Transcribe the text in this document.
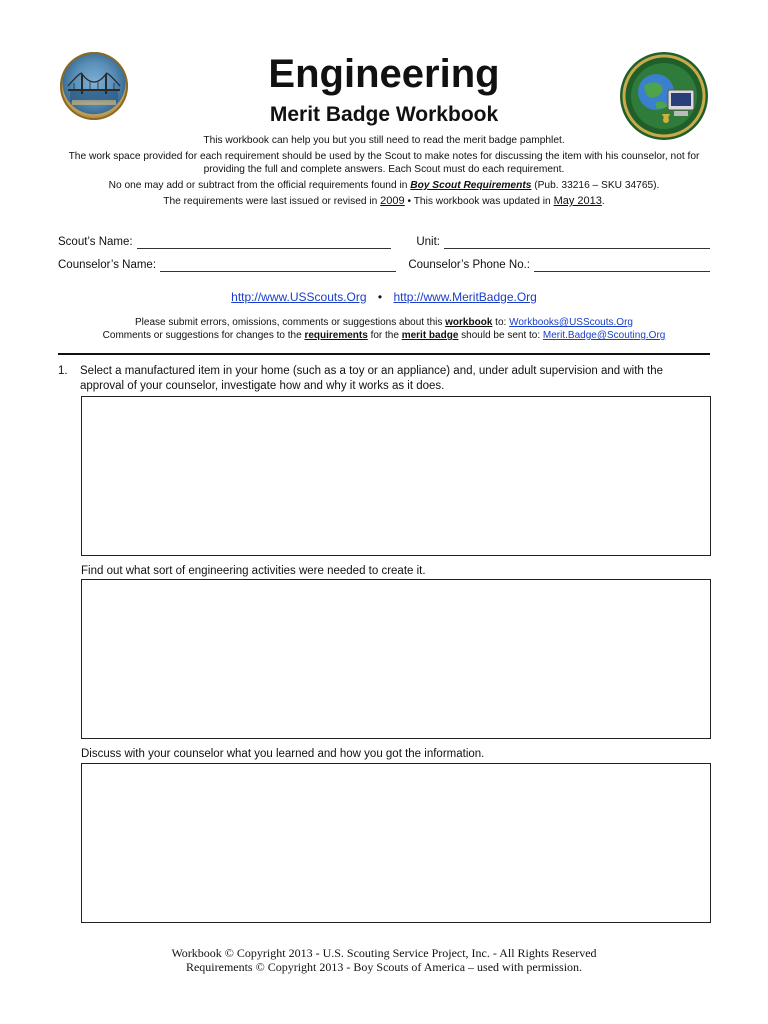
Engineering
Merit Badge Workbook

This workbook can help you but you still need to read the merit badge pamphlet.

The work space provided for each requirement should be used by the Scout to make notes for discussing the item with his counselor, not for

providing the full and complete answers. Each Scout must do each requirement.

No one may add or subtract from the official requirements found in Boy Scout Requirements (Pub. 33216 – SKU 34765).

The requirements were last issued or revised in 2009 • This workbook was updated in May 2013.

Scout’s Name:	Unit:
Counselor’s Name:	Counselor’s Phone No.:
http://www.USScouts.Org • http://www.MeritBadge.Org

Please submit errors, omissions, comments or suggestions about this workbook to: Workbooks@USScouts.Org

Comments or suggestions for changes to the requirements for the merit badge should be sent to: Merit.Badge@Scouting.Org

1. Select a manufactured item in your home (such as a toy or an appliance) and, under adult supervision and with the approval of your counselor, investigate how and why it works as it does.
Find out what sort of engineering activities were needed to create it.
Discuss with your counselor what you learned and how you got the information.

Workbook © Copyright 2013 - U.S. Scouting Service Project, Inc. - All Rights Reserved

Requirements © Copyright 2013 - Boy Scouts of America – used with permission.
